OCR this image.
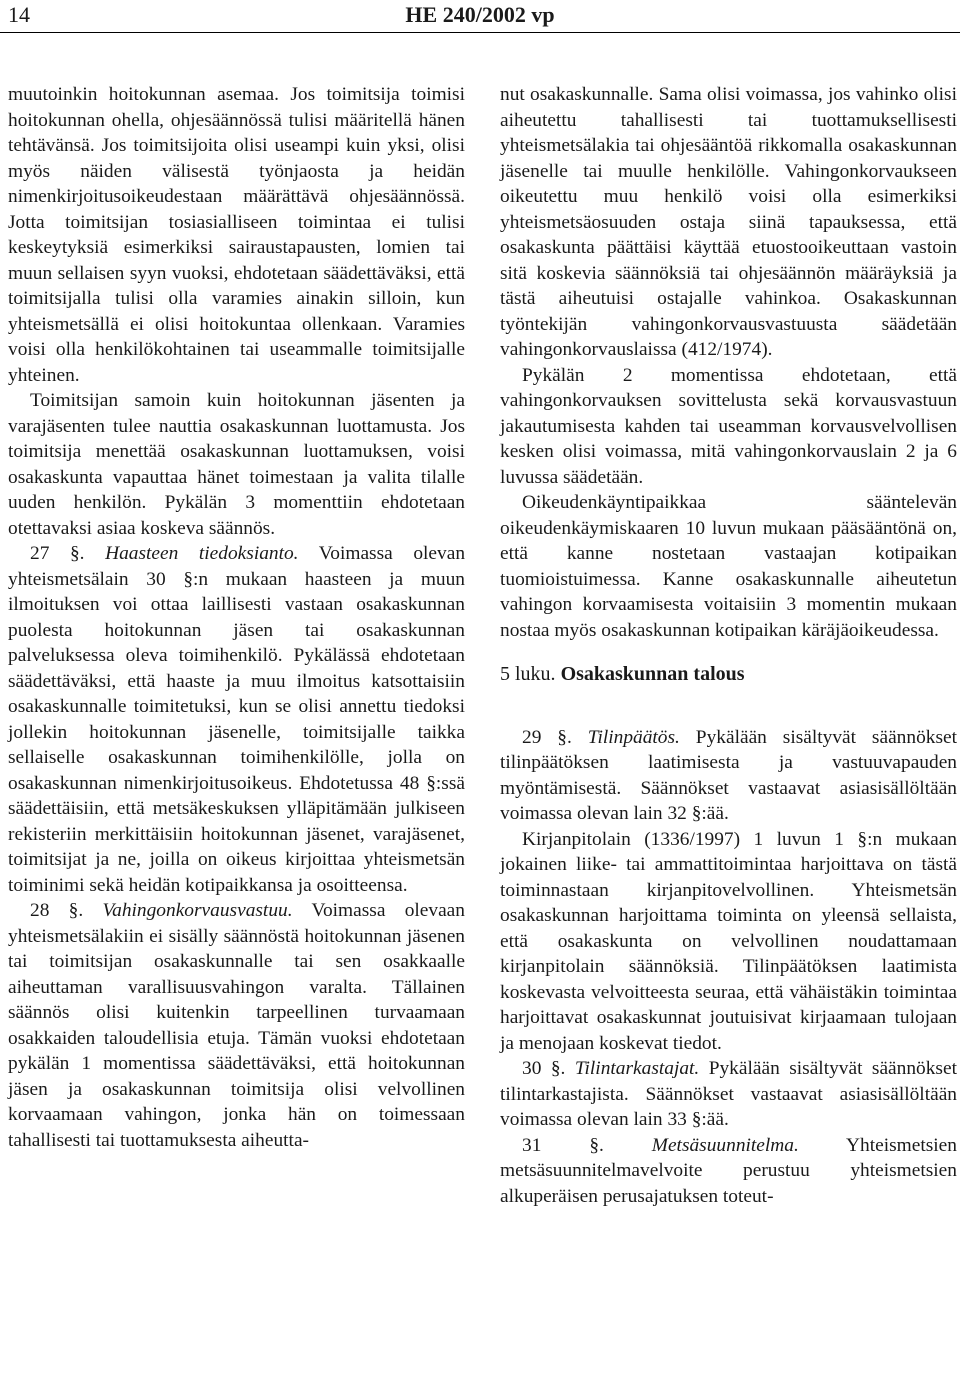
14	HE 240/2002 vp

muutoinkin hoitokunnan asemaa. Jos toimitsija toimisi hoitokunnan ohella, ohjesäännössä tulisi määritellä hänen tehtävänsä. Jos toimitsijoita olisi useampi kuin yksi, olisi myös näiden välisestä työnjaosta ja heidän nimenkirjoitusoikeudestaan määrättävä ohjesäännössä. Jotta toimitsijan tosiasialliseen toimintaa ei tulisi keskeytyksiä esimerkiksi sairaustapausten, lomien tai muun sellaisen syyn vuoksi, ehdotetaan säädettäväksi, että toimitsijalla tulisi olla varamies ainakin silloin, kun yhteismetsällä ei olisi hoitokuntaa ollenkaan. Varamies voisi olla henkilökohtainen tai useammalle toimitsijalle yhteinen.

Toimitsijan samoin kuin hoitokunnan jäsenten ja varajäsenten tulee nauttia osakaskunnan luottamusta. Jos toimitsija menettää osakaskunnan luottamuksen, voisi osakaskunta vapauttaa hänet toimestaan ja valita tilalle uuden henkilön. Pykälän 3 momenttiin ehdotetaan otettavaksi asiaa koskeva säännös.

27 §. Haasteen tiedoksianto. Voimassa olevan yhteismetsälain 30 §:n mukaan haasteen ja muun ilmoituksen voi ottaa laillisesti vastaan osakaskunnan puolesta hoitokunnan jäsen tai osakaskunnan palveluksessa oleva toimihenkilö. Pykälässä ehdotetaan säädettäväksi, että haaste ja muu ilmoitus katsottaisiin osakaskunnalle toimitetuksi, kun se olisi annettu tiedoksi jollekin hoitokunnan jäsenelle, toimitsijalle taikka sellaiselle osakaskunnan toimihenkilölle, jolla on osakaskunnan nimenkirjoitusoikeus. Ehdotetussa 48 §:ssä säädettäisiin, että metsäkeskuksen ylläpitämään julkiseen rekisteriin merkittäisiin hoitokunnan jäsenet, varajäsenet, toimitsijat ja ne, joilla on oikeus kirjoittaa yhteismetsän toiminimi sekä heidän kotipaikkansa ja osoitteensa.

28 §. Vahingonkorvausvastuu. Voimassa olevaan yhteismetsälakiin ei sisälly säännöstä hoitokunnan jäsenen tai toimitsijan osakaskunnalle tai sen osakkaalle aiheuttaman varallisuusvahingon varalta. Tällainen säännös olisi kuitenkin tarpeellinen turvaamaan osakkaiden taloudellisia etuja. Tämän vuoksi ehdotetaan pykälän 1 momentissa säädettäväksi, että hoitokunnan jäsen ja osakaskunnan toimitsija olisi velvollinen korvaamaan vahingon, jonka hän on toimessaan tahallisesti tai tuottamuksesta aiheutta-

nut osakaskunnalle. Sama olisi voimassa, jos vahinko olisi aiheutettu tahallisesti tai tuottamuksellisesti yhteismetsälakia tai ohjesääntöä rikkomalla osakaskunnan jäsenelle tai muulle henkilölle. Vahingonkorvaukseen oikeutettu muu henkilö voisi olla esimerkiksi yhteismetsäosuuden ostaja siinä tapauksessa, että osakaskunta päättäisi käyttää etuostooikeuttaan vastoin sitä koskevia säännöksiä tai ohjesäännön määräyksiä ja tästä aiheutuisi ostajalle vahinkoa. Osakaskunnan työntekijän vahingonkorvausvastuusta säädetään vahingonkorvauslaissa (412/1974).

Pykälän 2 momentissa ehdotetaan, että vahingonkorvauksen sovittelusta sekä korvausvastuun jakautumisesta kahden tai useamman korvausvelvollisen kesken olisi voimassa, mitä vahingonkorvauslain 2 ja 6 luvussa säädetään.

Oikeudenkäyntipaikkaa sääntelevän oikeudenkäymiskaaren 10 luvun mukaan pääsääntönä on, että kanne nostetaan vastaajan kotipaikan tuomioistuimessa. Kanne osakaskunnalle aiheutetun vahingon korvaamisesta voitaisiin 3 momentin mukaan nostaa myös osakaskunnan kotipaikan käräjäoikeudessa.

5 luku. Osakaskunnan talous

29 §. Tilinpäätös. Pykälään sisältyvät säännökset tilinpäätöksen laatimisesta ja vastuuvapauden myöntämisestä. Säännökset vastaavat asiasisällöltään voimassa olevan lain 32 §:ää.

Kirjanpitolain (1336/1997) 1 luvun 1 §:n mukaan jokainen liike- tai ammattitoimintaa harjoittava on tästä toiminnastaan kirjanpitovelvollinen. Yhteismetsän osakaskunnan harjoittama toiminta on yleensä sellaista, että osakaskunta on velvollinen noudattamaan kirjanpitolain säännöksiä. Tilinpäätöksen laatimista koskevasta velvoitteesta seuraa, että vähäistäkin toimintaa harjoittavat osakaskunnat joutuisivat kirjaamaan tulojaan ja menojaan koskevat tiedot.

30 §. Tilintarkastajat. Pykälään sisältyvät säännökset tilintarkastajista. Säännökset vastaavat asiasisällöltään voimassa olevan lain 33 §:ää.

31 §. Metsäsuunnitelma. Yhteismetsien metsäsuunnitelmavelvoite perustuu yhteismetsien alkuperäisen perusajatuksen toteut-
